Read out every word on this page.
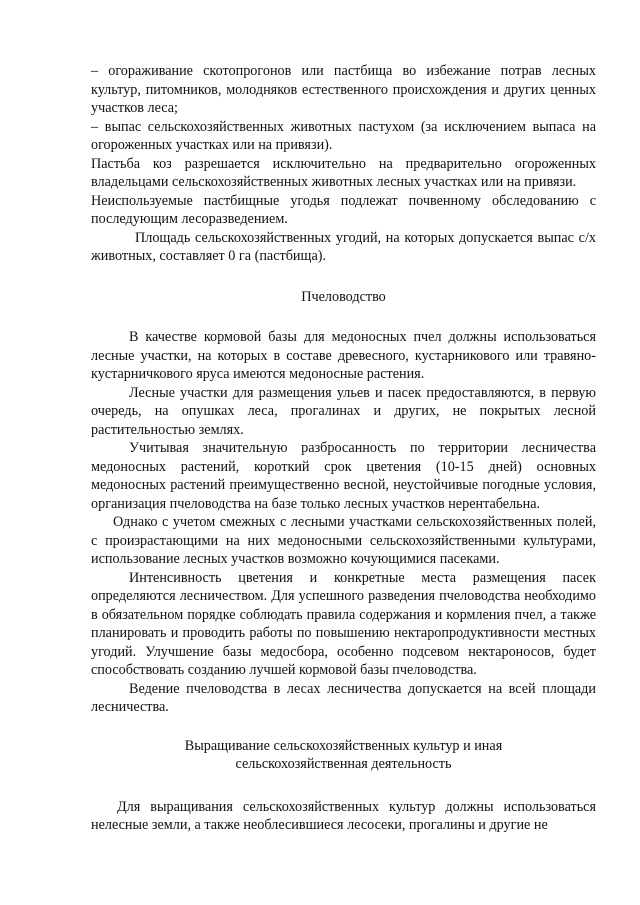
– огораживание скотопрогонов или пастбища во избежание потрав лесных культур, питомников, молодняков естественного происхождения и других ценных участков леса;

– выпас сельскохозяйственных животных пастухом (за исключением выпаса на огороженных участках или на привязи).

Пастьба коз разрешается исключительно на предварительно огороженных владельцами сельскохозяйственных животных лесных участках или на привязи.

Неиспользуемые пастбищные угодья подлежат почвенному обследованию с последующим лесоразведением.

Площадь сельскохозяйственных угодий, на которых допускается выпас с/х животных, составляет 0 га (пастбища).

Пчеловодство

В качестве кормовой базы для медоносных пчел должны использоваться лесные участки, на которых в составе древесного, кустарникового или травяно-кустарничкового яруса имеются медоносные растения.

Лесные участки для размещения ульев и пасек предоставляются, в первую очередь, на опушках леса, прогалинах и других, не покрытых лесной растительностью землях.

Учитывая значительную разбросанность по территории лесничества медоносных растений, короткий срок цветения (10-15 дней) основных медоносных растений преимущественно весной, неустойчивые погодные условия, организация пчеловодства на базе только лесных участков нерентабельна.

Однако с учетом смежных с лесными участками сельскохозяйственных полей, с произрастающими на них медоносными сельскохозяйственными культурами, использование лесных участков возможно кочующимися пасеками.

Интенсивность цветения и конкретные места размещения пасек определяются лесничеством. Для успешного разведения пчеловодства необходимо в обязательном порядке соблюдать правила содержания и кормления пчел, а также планировать и проводить работы по повышению нектаропродуктивности местных угодий. Улучшение базы медосбора, особенно подсевом нектароносов, будет способствовать созданию лучшей кормовой базы пчеловодства.

Ведение пчеловодства в лесах лесничества допускается на всей площади лесничества.

Выращивание сельскохозяйственных культур и иная

сельскохозяйственная деятельность

Для выращивания сельскохозяйственных культур должны использоваться нелесные земли, а также необлесившиеся лесосеки, прогалины и другие не
